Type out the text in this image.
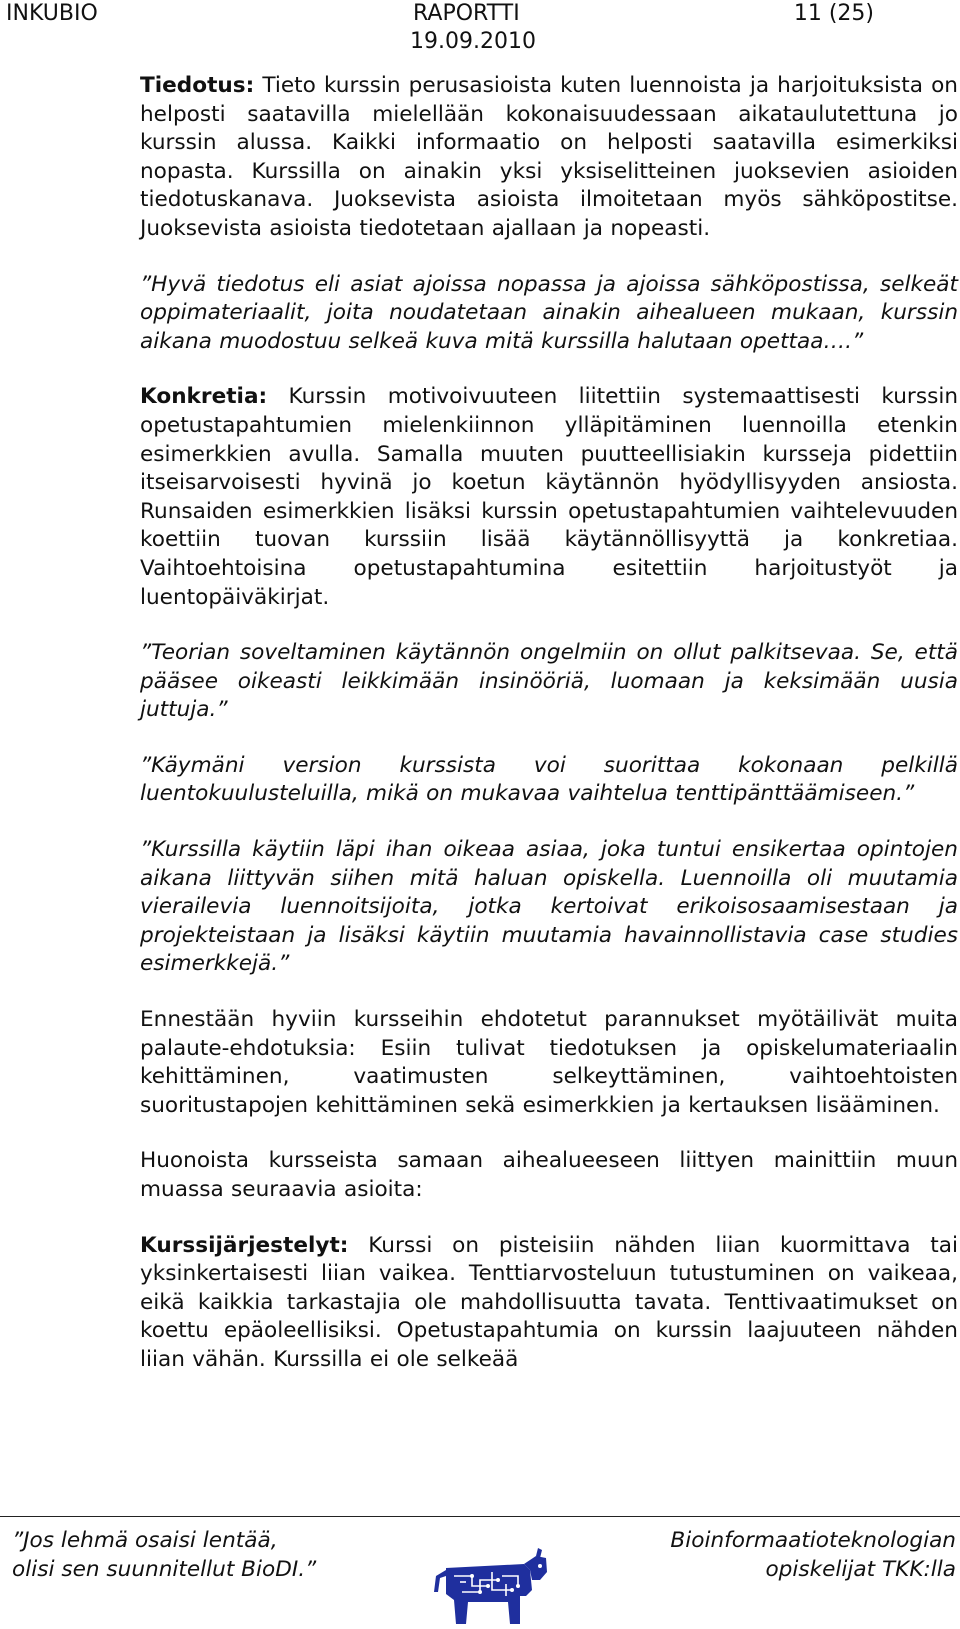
INKUBIO	RAPORTTI
19.09.2010
11 (25)

Tiedotus: Tieto kurssin perusasioista kuten luennoista ja harjoituksista on helposti saatavilla mielellään kokonaisuudessaan aikataulutettuna jo kurssin alussa. Kaikki informaatio on helposti saatavilla esimerkiksi nopasta. Kurssilla on ainakin yksi yksiselitteinen juoksevien asioiden tiedotuskanava. Juoksevista asioista ilmoitetaan myös sähköpostitse. Juoksevista asioista tiedotetaan ajallaan ja nopeasti.

”Hyvä tiedotus eli asiat ajoissa nopassa ja ajoissa sähköpostissa, selkeät oppimateriaalit, joita noudatetaan ainakin aihealueen mukaan, kurssin aikana muodostuu selkeä kuva mitä kurssilla halutaan opettaa….”

Konkretia: Kurssin motivoivuuteen liitettiin systemaattisesti kurssin opetustapahtumien mielenkiinnon ylläpitäminen luennoilla etenkin esimerkkien avulla. Samalla muuten puutteellisiakin kursseja pidettiin itseisarvoisesti hyvinä jo koetun käytännön hyödyllisyyden ansiosta. Runsaiden esimerkkien lisäksi kurssin opetustapahtumien vaihtelevuuden koettiin tuovan kurssiin lisää käytännöllisyyttä ja konkretiaa. Vaihtoehtoisina opetustapahtumina esitettiin harjoitustyöt ja luentopäiväkirjat.

”Teorian soveltaminen käytännön ongelmiin on ollut palkitsevaa. Se, että pääsee oikeasti leikkimään insinööriä, luomaan ja keksimään uusia juttuja.”

”Käymäni version kurssista voi suorittaa kokonaan pelkillä luentokuulusteluilla, mikä on mukavaa vaihtelua tenttipänttäämiseen.”

”Kurssilla käytiin läpi ihan oikeaa asiaa, joka tuntui ensikertaa opintojen aikana liittyvän siihen mitä haluan opiskella. Luennoilla oli muutamia vierailevia luennoitsijoita, jotka kertoivat erikoisosaamisestaan ja projekteistaan ja lisäksi käytiin muutamia havainnollistavia case studies esimerkkejä.”

Ennestään hyviin kursseihin ehdotetut parannukset myötäilivät muita palaute-ehdotuksia: Esiin tulivat tiedotuksen ja opiskelumateriaalin kehittäminen, vaatimusten selkeyttäminen, vaihtoehtoisten suoritustapojen kehittäminen sekä esimerkkien ja kertauksen lisääminen.

Huonoista kursseista samaan aihealueeseen liittyen mainittiin muun muassa seuraavia asioita:

Kurssijärjestelyt: Kurssi on pisteisiin nähden liian kuormittava tai yksinkertaisesti liian vaikea. Tenttiarvosteluun tutustuminen on vaikeaa, eikä kaikkia tarkastajia ole mahdollisuutta tavata. Tenttivaatimukset on koettu epäoleellisiksi. Opetustapahtumia on kurssin laajuuteen nähden liian vähän. Kurssilla ei ole selkeää

”Jos lehmä osaisi lentää,
olisi sen suunnitellut BioDI.”
Bioinformaatioteknologian
opiskelijat TKK:lla
